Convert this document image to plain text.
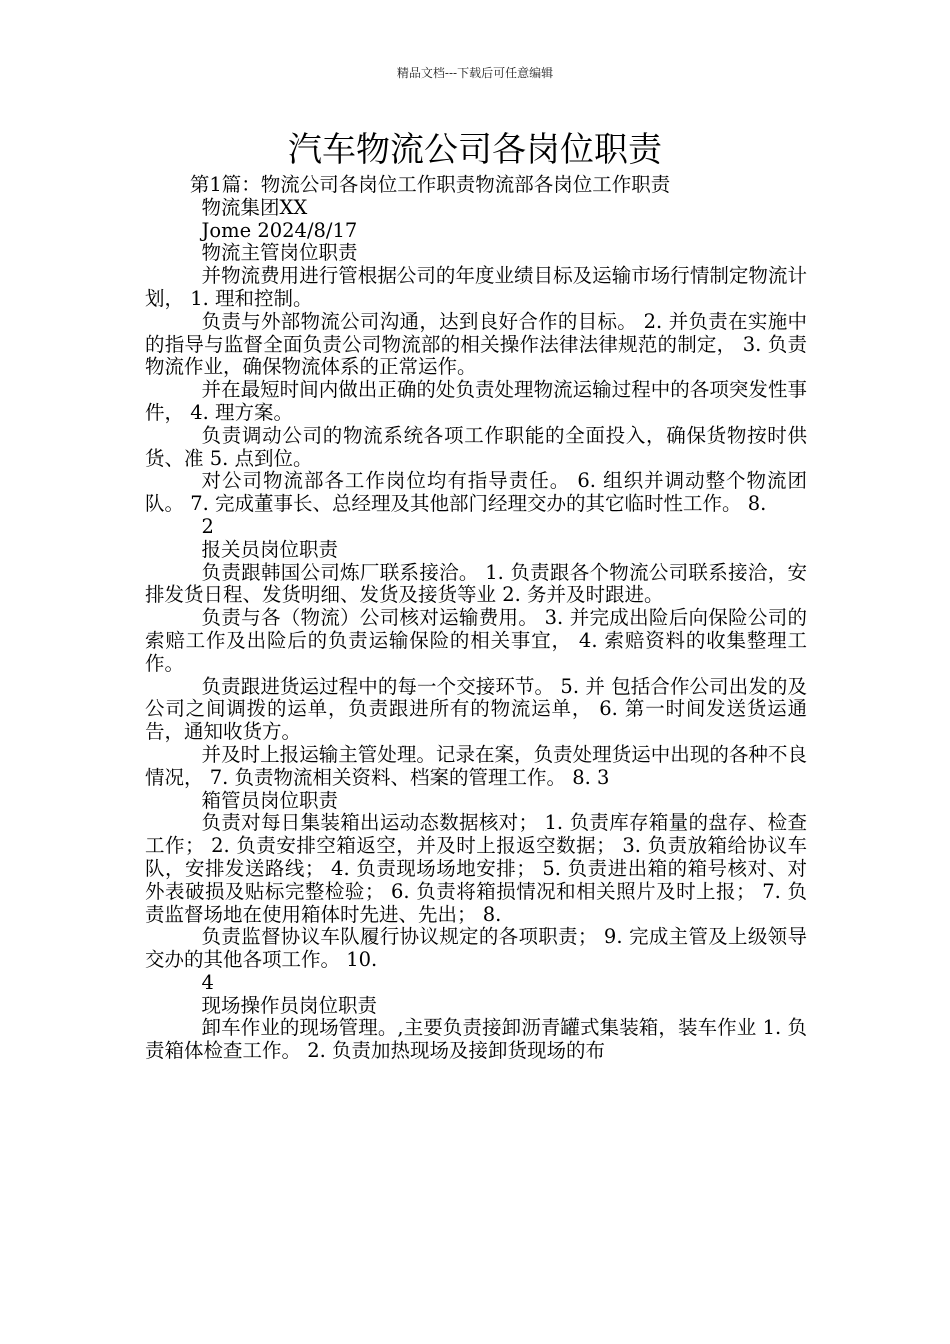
精品文档---下载后可任意编辑
汽车物流公司各岗位职责

第1篇：物流公司各岗位工作职责物流部各岗位工作职责

物流集团XX

Jome 2024/8/17

物流主管岗位职责

并物流费用进行管根据公司的年度业绩目标及运输市场行情制定物流计划， 1. 理和控制。

负责与外部物流公司沟通，达到良好合作的目标。 2. 并负责在实施中的指导与监督全面负责公司物流部的相关操作法律法律规范的制定， 3. 负责物流作业，确保物流体系的正常运作。

并在最短时间内做出正确的处负责处理物流运输过程中的各项突发性事件， 4. 理方案。

负责调动公司的物流系统各项工作职能的全面投入，确保货物按时供货、准 5. 点到位。

对公司物流部各工作岗位均有指导责任。 6. 组织并调动整个物流团队。 7. 完成董事长、总经理及其他部门经理交办的其它临时性工作。 8.

2

报关员岗位职责

负责跟韩国公司炼厂联系接洽。 1. 负责跟各个物流公司联系接洽，安排发货日程、发货明细、发货及接货等业 2. 务并及时跟进。

负责与各（物流）公司核对运输费用。 3. 并完成出险后向保险公司的索赔工作及出险后的负责运输保险的相关事宜， 4. 索赔资料的收集整理工作。

负责跟进货运过程中的每一个交接环节。 5. 并 包括合作公司出发的及公司之间调拨的运单，负责跟进所有的物流运单， 6. 第一时间发送货运通告，通知收货方。

并及时上报运输主管处理。记录在案，负责处理货运中出现的各种不良情况， 7. 负责物流相关资料、档案的管理工作。 8. 3

箱管员岗位职责

负责对每日集装箱出运动态数据核对； 1. 负责库存箱量的盘存、检查工作； 2. 负责安排空箱返空，并及时上报返空数据； 3. 负责放箱给协议车队，安排发送路线； 4. 负责现场场地安排； 5. 负责进出箱的箱号核对、对外表破损及贴标完整检验； 6. 负责将箱损情况和相关照片及时上报； 7. 负责监督场地在使用箱体时先进、先出； 8.

负责监督协议车队履行协议规定的各项职责； 9. 完成主管及上级领导交办的其他各项工作。 10.

4

现场操作员岗位职责

卸车作业的现场管理。,主要负责接卸沥青罐式集装箱，装车作业 1. 负责箱体检查工作。 2. 负责加热现场及接卸货现场的布
